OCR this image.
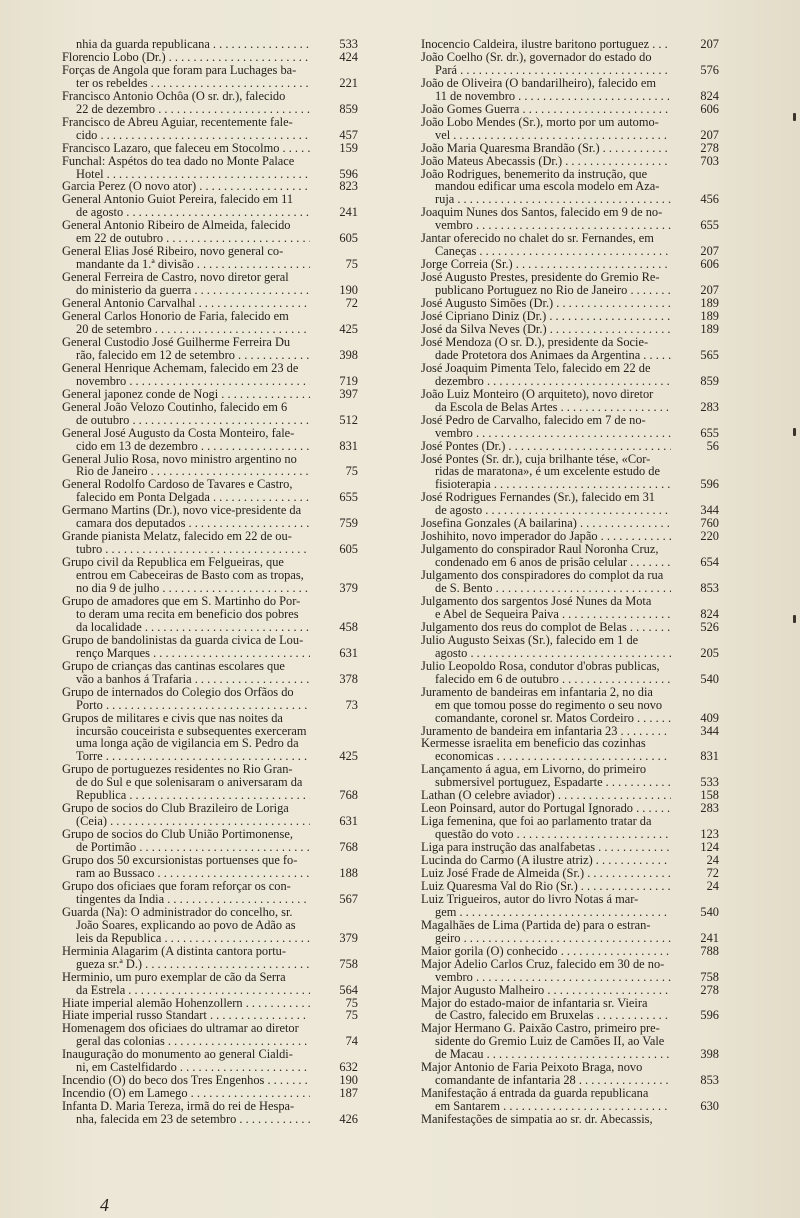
nhia da guarda republicana . . .	533
Florencio Lobo (Dr.) . . .	424
Forças de Angola que foram para Luchages ba-
ter os rebeldes . . .	221
Francisco Antonio Ochôa (O sr. dr.), falecido
22 de dezembro . . .	859
Francisco de Abreu Aguiar, recentemente fale-
cido . . .	457
Francisco Lazaro, que faleceu em Stocolmo . . .	159
Funchal: Aspétos do tea dado no Monte Palace
Hotel . . .	596
Garcia Perez (O novo ator) . . .	823
General Antonio Guiot Pereira, falecido em 11
de agosto . . .	241
General Antonio Ribeiro de Almeida, falecido
em 22 de outubro . . .	605
General Elias José Ribeiro, novo general co-
mandante da 1.ª divisão . . .	75
General Ferreira de Castro, novo diretor geral
do ministerio da guerra . . .	190
General Antonio Carvalhal . . .	72
General Carlos Honorio de Faria, falecido em
20 de setembro . . .	425
General Custodio José Guilherme Ferreira Du
rão, falecido em 12 de setembro . . .	398
General Henrique Achemam, falecido em 23 de
novembro . . .	719
General japonez conde de Nogi . . .	397
General João Velozo Coutinho, falecido em 6
de outubro . . .	512
General José Augusto da Costa Monteiro, fale-
cido em 13 de dezembro . . .	831
General Julio Rosa, novo ministro argentino no
Rio de Janeiro . . .	75
General Rodolfo Cardoso de Tavares e Castro,
falecido em Ponta Delgada . . .	655
Germano Martins (Dr.), novo vice-presidente da
camara dos deputados . . .	759
Grande pianista Melatz, falecido em 22 de ou-
tubro . . .	605
Grupo civil da Republica em Felgueiras, que
entrou em Cabeceiras de Basto com as tropas,
no dia 9 de julho . . .	379
Grupo de amadores que em S. Martinho do Por-
to deram uma recita em beneficio dos pobres
da localidade . . .	458
Grupo de bandolinistas da guarda civica de Lou-
renço Marques . . .	631
Grupo de crianças das cantinas escolares que
vão a banhos á Trafaria . . .	378
Grupo de internados do Colegio dos Orfãos do
Porto . . .	73
Grupos de militares e civis que nas noites da
incursão couceirista e subsequentes exerceram
uma longa ação de vigilancia em S. Pedro da
Torre . . .	425
Grupo de portuguezes residentes no Rio Gran-
de do Sul e que solenisaram o aniversaram da
Republica . . .	768
Grupo de socios do Club Brazileiro de Loriga
(Ceia) . . .	631
Grupo de socios do Club União Portimonense,
de Portimão . . .	768
Grupo dos 50 excursionistas portuenses que fo-
ram ao Bussaco . . .	188
Grupo dos oficiaes que foram reforçar os con-
tingentes da India . . .	567
Guarda (Na): O administrador do concelho, sr.
João Soares, explicando ao povo de Adão as
leis da Republica . . .	379
Herminia Alagarim (A distinta cantora portu-
gueza sr.ª D.) . . .	758
Herminio, um puro exemplar de cão da Serra
da Estrela . . .	564
Hiate imperial alemão Hohenzollern . . .	75
Hiate imperial russo Standart . . .	75
Homenagem dos oficiaes do ultramar ao diretor
geral das colonias . . .	74
Inauguração do monumento ao general Cialdi-
ni, em Castelfidardo . . .	632
Incendio (O) do beco dos Tres Engenhos . . .	190
Incendio (O) em Lamego . . .	187
Infanta D. Maria Tereza, irmã do rei de Hespa-
nha, falecida em 23 de setembro . . .	426
Inocencio Caldeira, ilustre baritono portuguez . . .	207
João Coelho (Sr. dr.), governador do estado do
Pará . . .	576
João de Oliveira (O bandarilheiro), falecido em
11 de novembro . . .	824
João Gomes Guerra . . .	606
João Lobo Mendes (Sr.), morto por um automo-
vel . . .	207
João Maria Quaresma Brandão (Sr.) . . .	278
João Mateus Abecassis (Dr.) . . .	703
João Rodrigues, benemerito da instrução, que
mandou edificar uma escola modelo em Aza-
ruja . . .	456
Joaquim Nunes dos Santos, falecido em 9 de no-
vembro . . .	655
Jantar oferecido no chalet do sr. Fernandes, em
Caneças . . .	207
Jorge Correia (Sr.) . . .	606
José Augusto Prestes, presidente do Gremio Re-
publicano Portuguez no Rio de Janeiro . . .	207
José Augusto Simões (Dr.) . . .	189
José Cipriano Diniz (Dr.) . . .	189
José da Silva Neves (Dr.) . . .	189
José Mendoza (O sr. D.), presidente da Socie-
dade Protetora dos Animaes da Argentina . . .	565
José Joaquim Pimenta Telo, falecido em 22 de
dezembro . . .	859
João Luiz Monteiro (O arquiteto), novo diretor
da Escola de Belas Artes . . .	283
José Pedro de Carvalho, falecido em 7 de no-
vembro . . .	655
José Pontes (Dr.) . . .	56
José Pontes (Sr. dr.), cuja brilhante tése, «Cor-
ridas de maratona», é um excelente estudo de
fisioterapia . . .	596
José Rodrigues Fernandes (Sr.), falecido em 31
de agosto . . .	344
Josefina Gonzales (A bailarina) . . .	760
Joshihito, novo imperador do Japão . . .	220
Julgamento do conspirador Raul Noronha Cruz,
condenado em 6 anos de prisão celular . . .	654
Julgamento dos conspiradores do complot da rua
de S. Bento . . .	853
Julgamento dos sargentos José Nunes da Mota
e Abel de Sequeira Paiva . . .	824
Julgamento dos reus do complot de Belas . . .	526
Julio Augusto Seixas (Sr.), falecido em 1 de
agosto . . .	205
Julio Leopoldo Rosa, condutor d'obras publicas,
falecido em 6 de outubro . . .	540
Juramento de bandeiras em infantaria 2, no dia
em que tomou posse do regimento o seu novo
comandante, coronel sr. Matos Cordeiro . . .	409
Juramento de bandeira em infantaria 23 . . .	344
Kermesse israelita em beneficio das cozinhas
economicas . . .	831
Lançamento á agua, em Livorno, do primeiro
submersivel portuguez, Espadarte . . .	533
Lathan (O celebre aviador) . . .	158
Leon Poinsard, autor do Portugal Ignorado . . .	283
Liga femenina, que foi ao parlamento tratar da
questão do voto . . .	123
Liga para instrução das analfabetas . . .	124
Lucinda do Carmo (A ilustre atriz) . . .	24
Luiz José Frade de Almeida (Sr.) . . .	72
Luiz Quaresma Val do Rio (Sr.) . . .	24
Luiz Trigueiros, autor do livro Notas á mar-
gem . . .	540
Magalhães de Lima (Partida de) para o estran-
geiro . . .	241
Maior gorila (O) conhecido . . .	788
Major Adelio Carlos Cruz, falecido em 30 de no-
vembro . . .	758
Major Augusto Malheiro . . .	278
Major do estado-maior de infantaria sr. Vieira
de Castro, falecido em Bruxelas . . .	596
Major Hermano G. Paixão Castro, primeiro pre-
sidente do Gremio Luiz de Camões II, ao Vale
de Macau . . .	398
Major Antonio de Faria Peixoto Braga, novo
comandante de infantaria 28 . . .	853
Manifestação á entrada da guarda republicana
em Santarem . . .	630
Manifestações de simpatia ao sr. dr. Abecassis,
4
